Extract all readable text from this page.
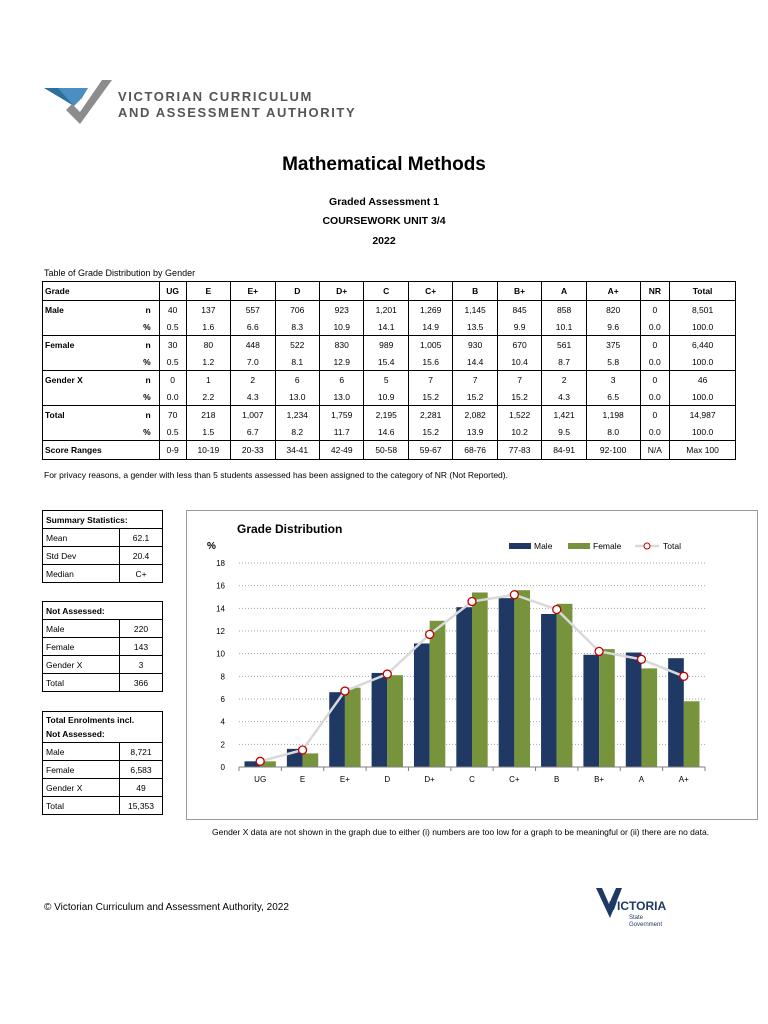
VICTORIAN CURRICULUM
AND ASSESSMENT AUTHORITY
Mathematical Methods
Graded Assessment 1
COURSEWORK UNIT 3/4
2022
Table of Grade Distribution by Gender
Grade		UG	E	E+	D	D+	C	C+	B	B+	A	A+	NR	Total
Male	n	40	137	557	706	923	1,201	1,269	1,145	845	858	820	0	8,501
	%	0.5	1.6	6.6	8.3	10.9	14.1	14.9	13.5	9.9	10.1	9.6	0.0	100.0
Female	n	30	80	448	522	830	989	1,005	930	670	561	375	0	6,440
	%	0.5	1.2	7.0	8.1	12.9	15.4	15.6	14.4	10.4	8.7	5.8	0.0	100.0
Gender X	n	0	1	2	6	6	5	7	7	7	2	3	0	46
	%	0.0	2.2	4.3	13.0	13.0	10.9	15.2	15.2	15.2	4.3	6.5	0.0	100.0
Total	n	70	218	1,007	1,234	1,759	2,195	2,281	2,082	1,522	1,421	1,198	0	14,987
	%	0.5	1.5	6.7	8.2	11.7	14.6	15.2	13.9	10.2	9.5	8.0	0.0	100.0
Score Ranges		0-9	10-19	20-33	34-41	42-49	50-58	59-67	68-76	77-83	84-91	92-100	N/A	Max 100
For privacy reasons, a gender with less than 5 students assessed has been assigned to the category of NR (Not Reported).
Summary Statistics:	
Mean	62.1
Std Dev	20.4
Median	C+
Not Assessed:	
Male	220
Female	143
Gender X	3
Total	366
Total Enrolments incl.
Not Assessed:	

Male	8,721
Female	6,583
Gender X	49
Total	15,353
Grade Distribution
%
0
2
4
6
8
10
12
14
16
18
UG	E	E+	D	D+	C	C+	B	B+	A	A+
Male	Female	Total
Gender X data are not shown in the graph due to either (i) numbers are too low for a graph to be meaningful or (ii) there are no data.
© Victorian Curriculum and Assessment Authority, 2022	VICTORIA
State
Government
